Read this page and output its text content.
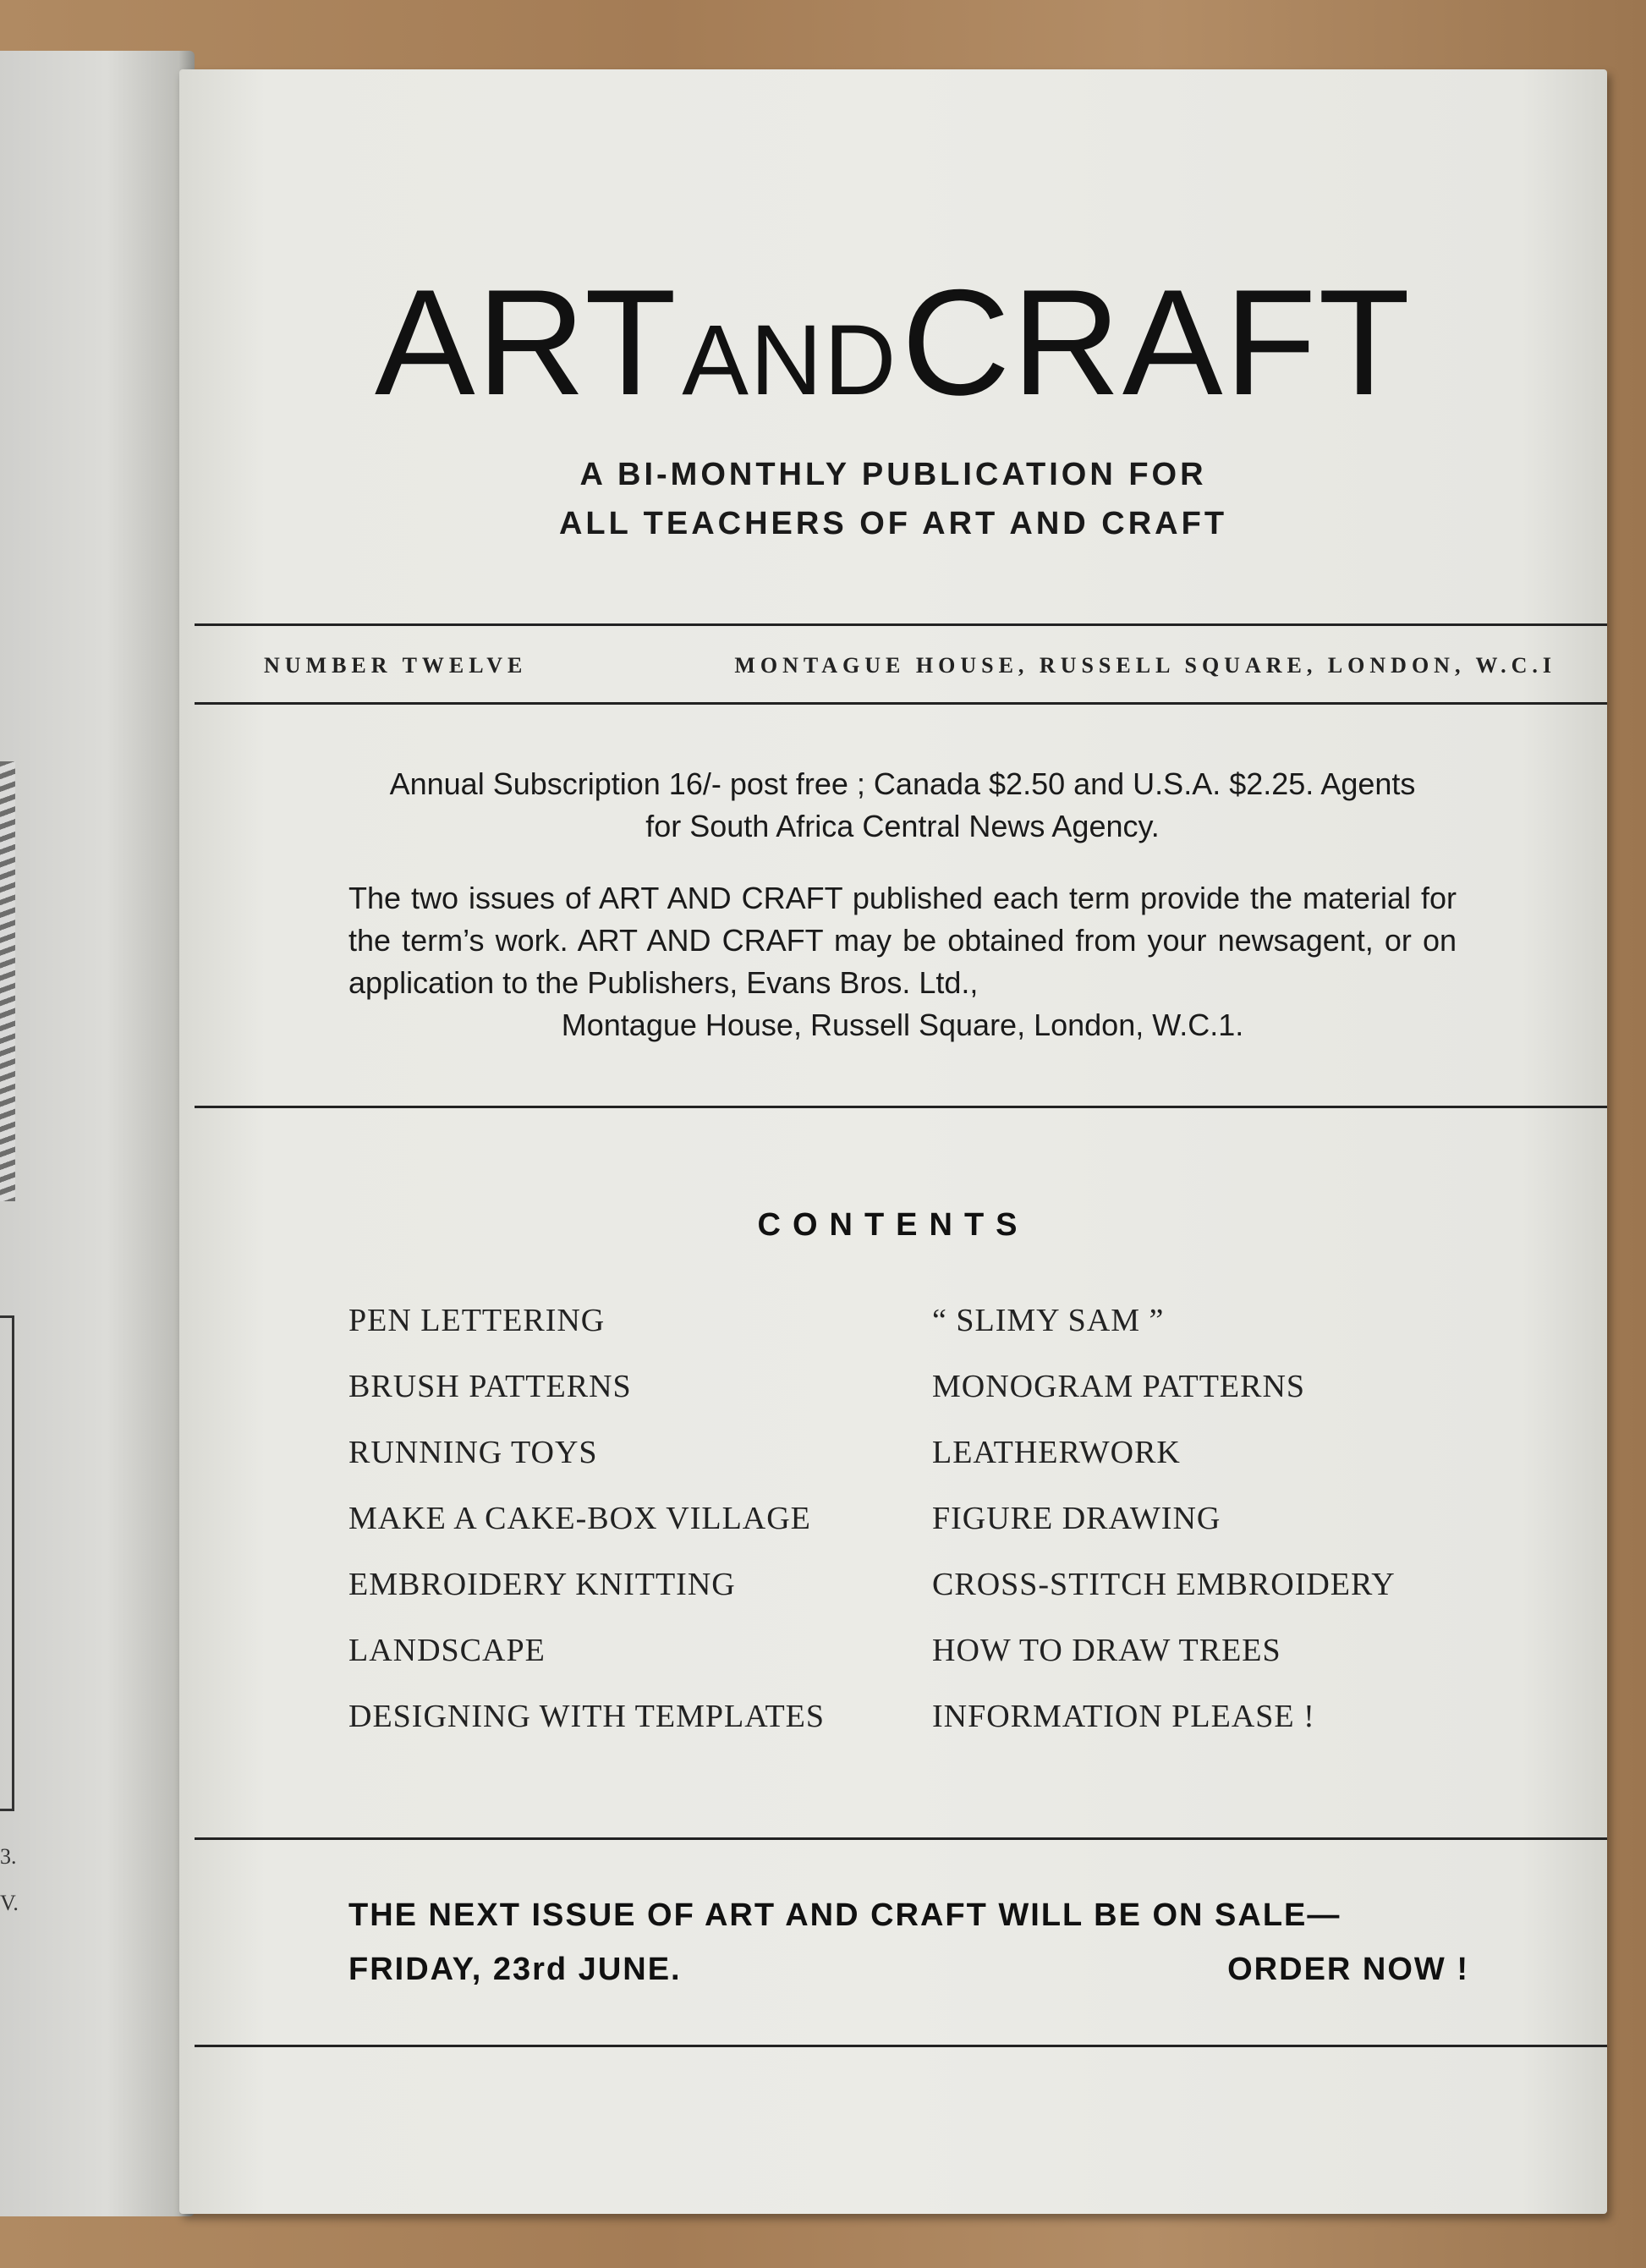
3.
V.
ART AND CRAFT
A BI-MONTHLY PUBLICATION FOR
ALL TEACHERS OF ART AND CRAFT
NUMBER TWELVE	MONTAGUE HOUSE, RUSSELL SQUARE, LONDON, W.C.I
Annual Subscription 16/- post free ; Canada $2.50 and U.S.A. $2.25. Agents
for South Africa Central News Agency.
The two issues of ART AND CRAFT published each term provide the material for the term’s work. ART AND CRAFT may be obtained from your newsagent, or on application to the Publishers, Evans Bros. Ltd.,
Montague House, Russell Square, London, W.C.1.
CONTENTS
PEN LETTERING
BRUSH PATTERNS
RUNNING TOYS
MAKE A CAKE-BOX VILLAGE
EMBROIDERY KNITTING
LANDSCAPE
DESIGNING WITH TEMPLATES
“ SLIMY SAM ”
MONOGRAM PATTERNS
LEATHERWORK
FIGURE DRAWING
CROSS-STITCH EMBROIDERY
HOW TO DRAW TREES
INFORMATION PLEASE !
THE NEXT ISSUE OF ART AND CRAFT WILL BE ON SALE—
FRIDAY, 23rd JUNE.	ORDER NOW !
